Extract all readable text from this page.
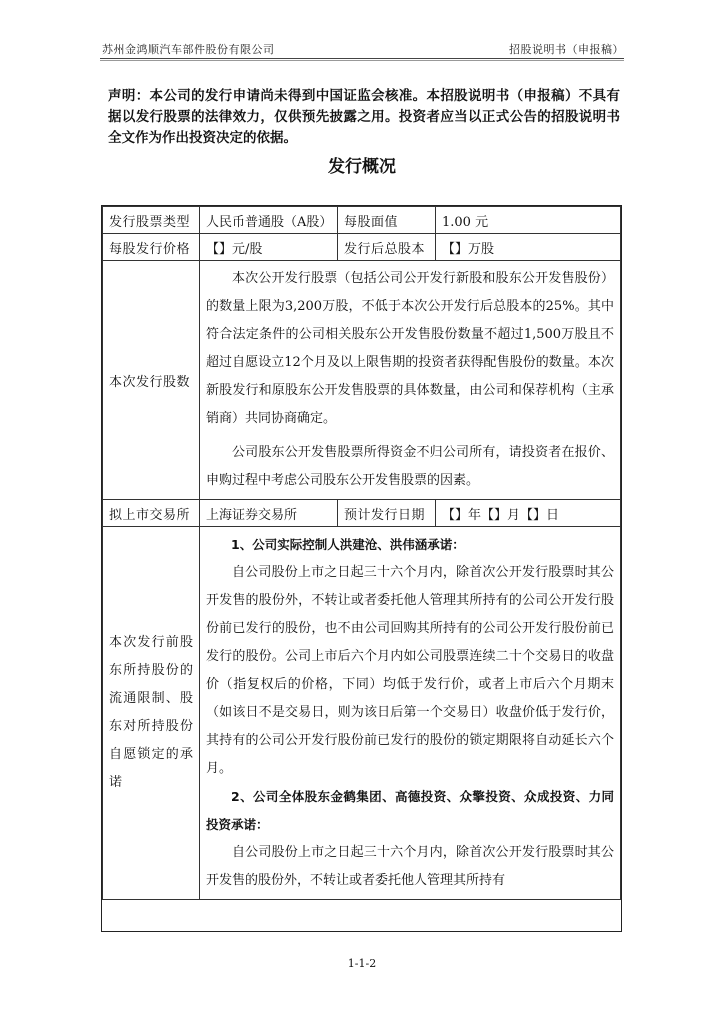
苏州金鸿顺汽车部件股份有限公司	招股说明书（申报稿）
声明：本公司的发行申请尚未得到中国证监会核准。本招股说明书（申报稿）不具有据以发行股票的法律效力，仅供预先披露之用。投资者应当以正式公告的招股说明书全文作为作出投资决定的依据。
发行概况
发行股票类型	人民币普通股（A股）	每股面值	1.00 元
每股发行价格	【】元/股	发行后总股本	【】万股
本次发行股数	本次公开发行股票（包括公司公开发行新股和股东公开发售股份）的数量上限为3,200万股，不低于本次公开发行后总股本的25%。其中符合法定条件的公司相关股东公开发售股份数量不超过1,500万股且不超过自愿设立12个月及以上限售期的投资者获得配售股份的数量。本次新股发行和原股东公开发售股票的具体数量，由公司和保荐机构（主承销商）共同协商确定。

公司股东公开发售股票所得资金不归公司所有，请投资者在报价、申购过程中考虑公司股东公开发售股票的因素。		

拟上市交易所	上海证券交易所	预计发行日期	【】年【】月【】日
本次发行前股东所持股份的流通限制、股东对所持股份自愿锁定的承诺	1、公司实际控制人洪建沧、洪伟涵承诺：

自公司股份上市之日起三十六个月内，除首次公开发行股票时其公开发售的股份外，不转让或者委托他人管理其所持有的公司公开发行股份前已发行的股份，也不由公司回购其所持有的公司公开发行股份前已发行的股份。公司上市后六个月内如公司股票连续二十个交易日的收盘价（指复权后的价格，下同）均低于发行价，或者上市后六个月期末（如该日不是交易日，则为该日后第一个交易日）收盘价低于发行价，其持有的公司公开发行股份前已发行的股份的锁定期限将自动延长六个月。

2、公司全体股东金鹤集团、高德投资、众擎投资、众成投资、力同投资承诺：

自公司股份上市之日起三十六个月内，除首次公开发行股票时其公开发售的股份外，不转让或者委托他人管理其所持有		

1-1-2
